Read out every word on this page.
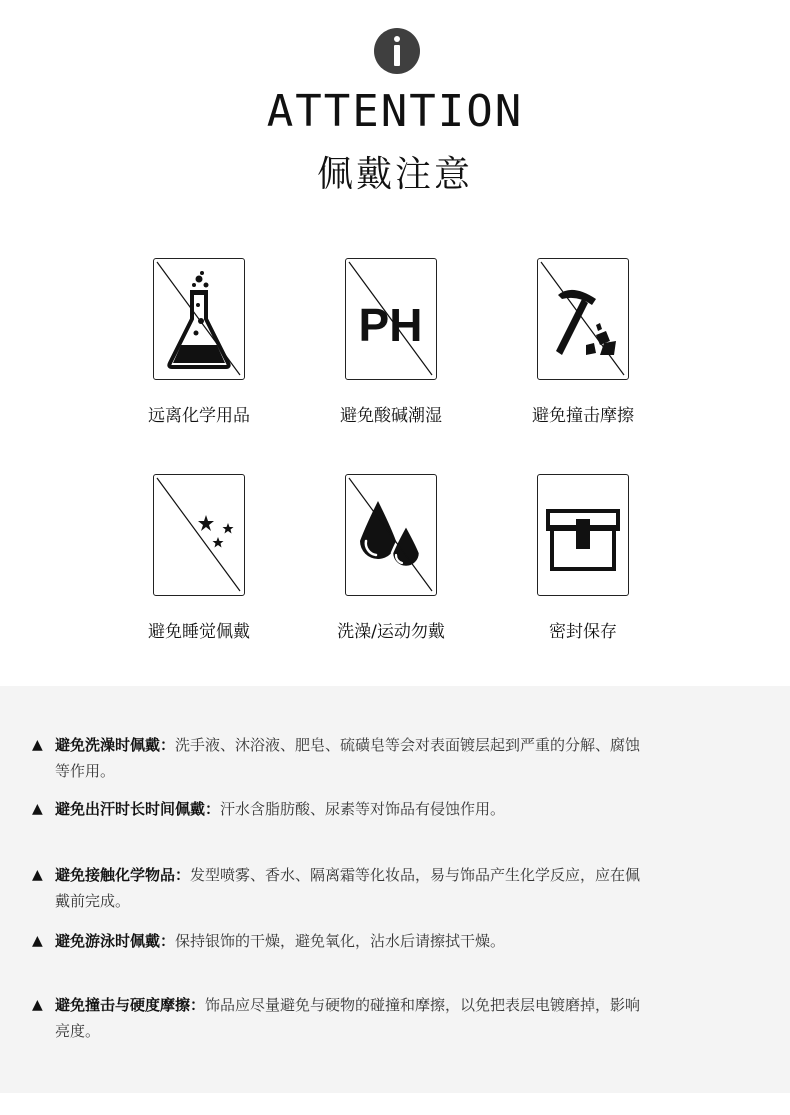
ATTENTION
佩戴注意
远离化学用品
PH
避免酸碱潮湿	避免撞击摩擦
避免睡觉佩戴	洗澡/运动勿戴	密封保存
▲ 避免洗澡时佩戴：洗手液、沐浴液、肥皂、硫磺皂等会对表面镀层起到严重的分解、腐蚀
等作用。
▲ 避免出汗时长时间佩戴：汗水含脂肪酸、尿素等对饰品有侵蚀作用。
▲ 避免接触化学物品：发型喷雾、香水、隔离霜等化妆品，易与饰品产生化学反应，应在佩
戴前完成。
▲ 避免游泳时佩戴：保持银饰的干燥，避免氧化，沾水后请擦拭干燥。
▲ 避免撞击与硬度摩擦：饰品应尽量避免与硬物的碰撞和摩擦，以免把表层电镀磨掉，影响
亮度。
